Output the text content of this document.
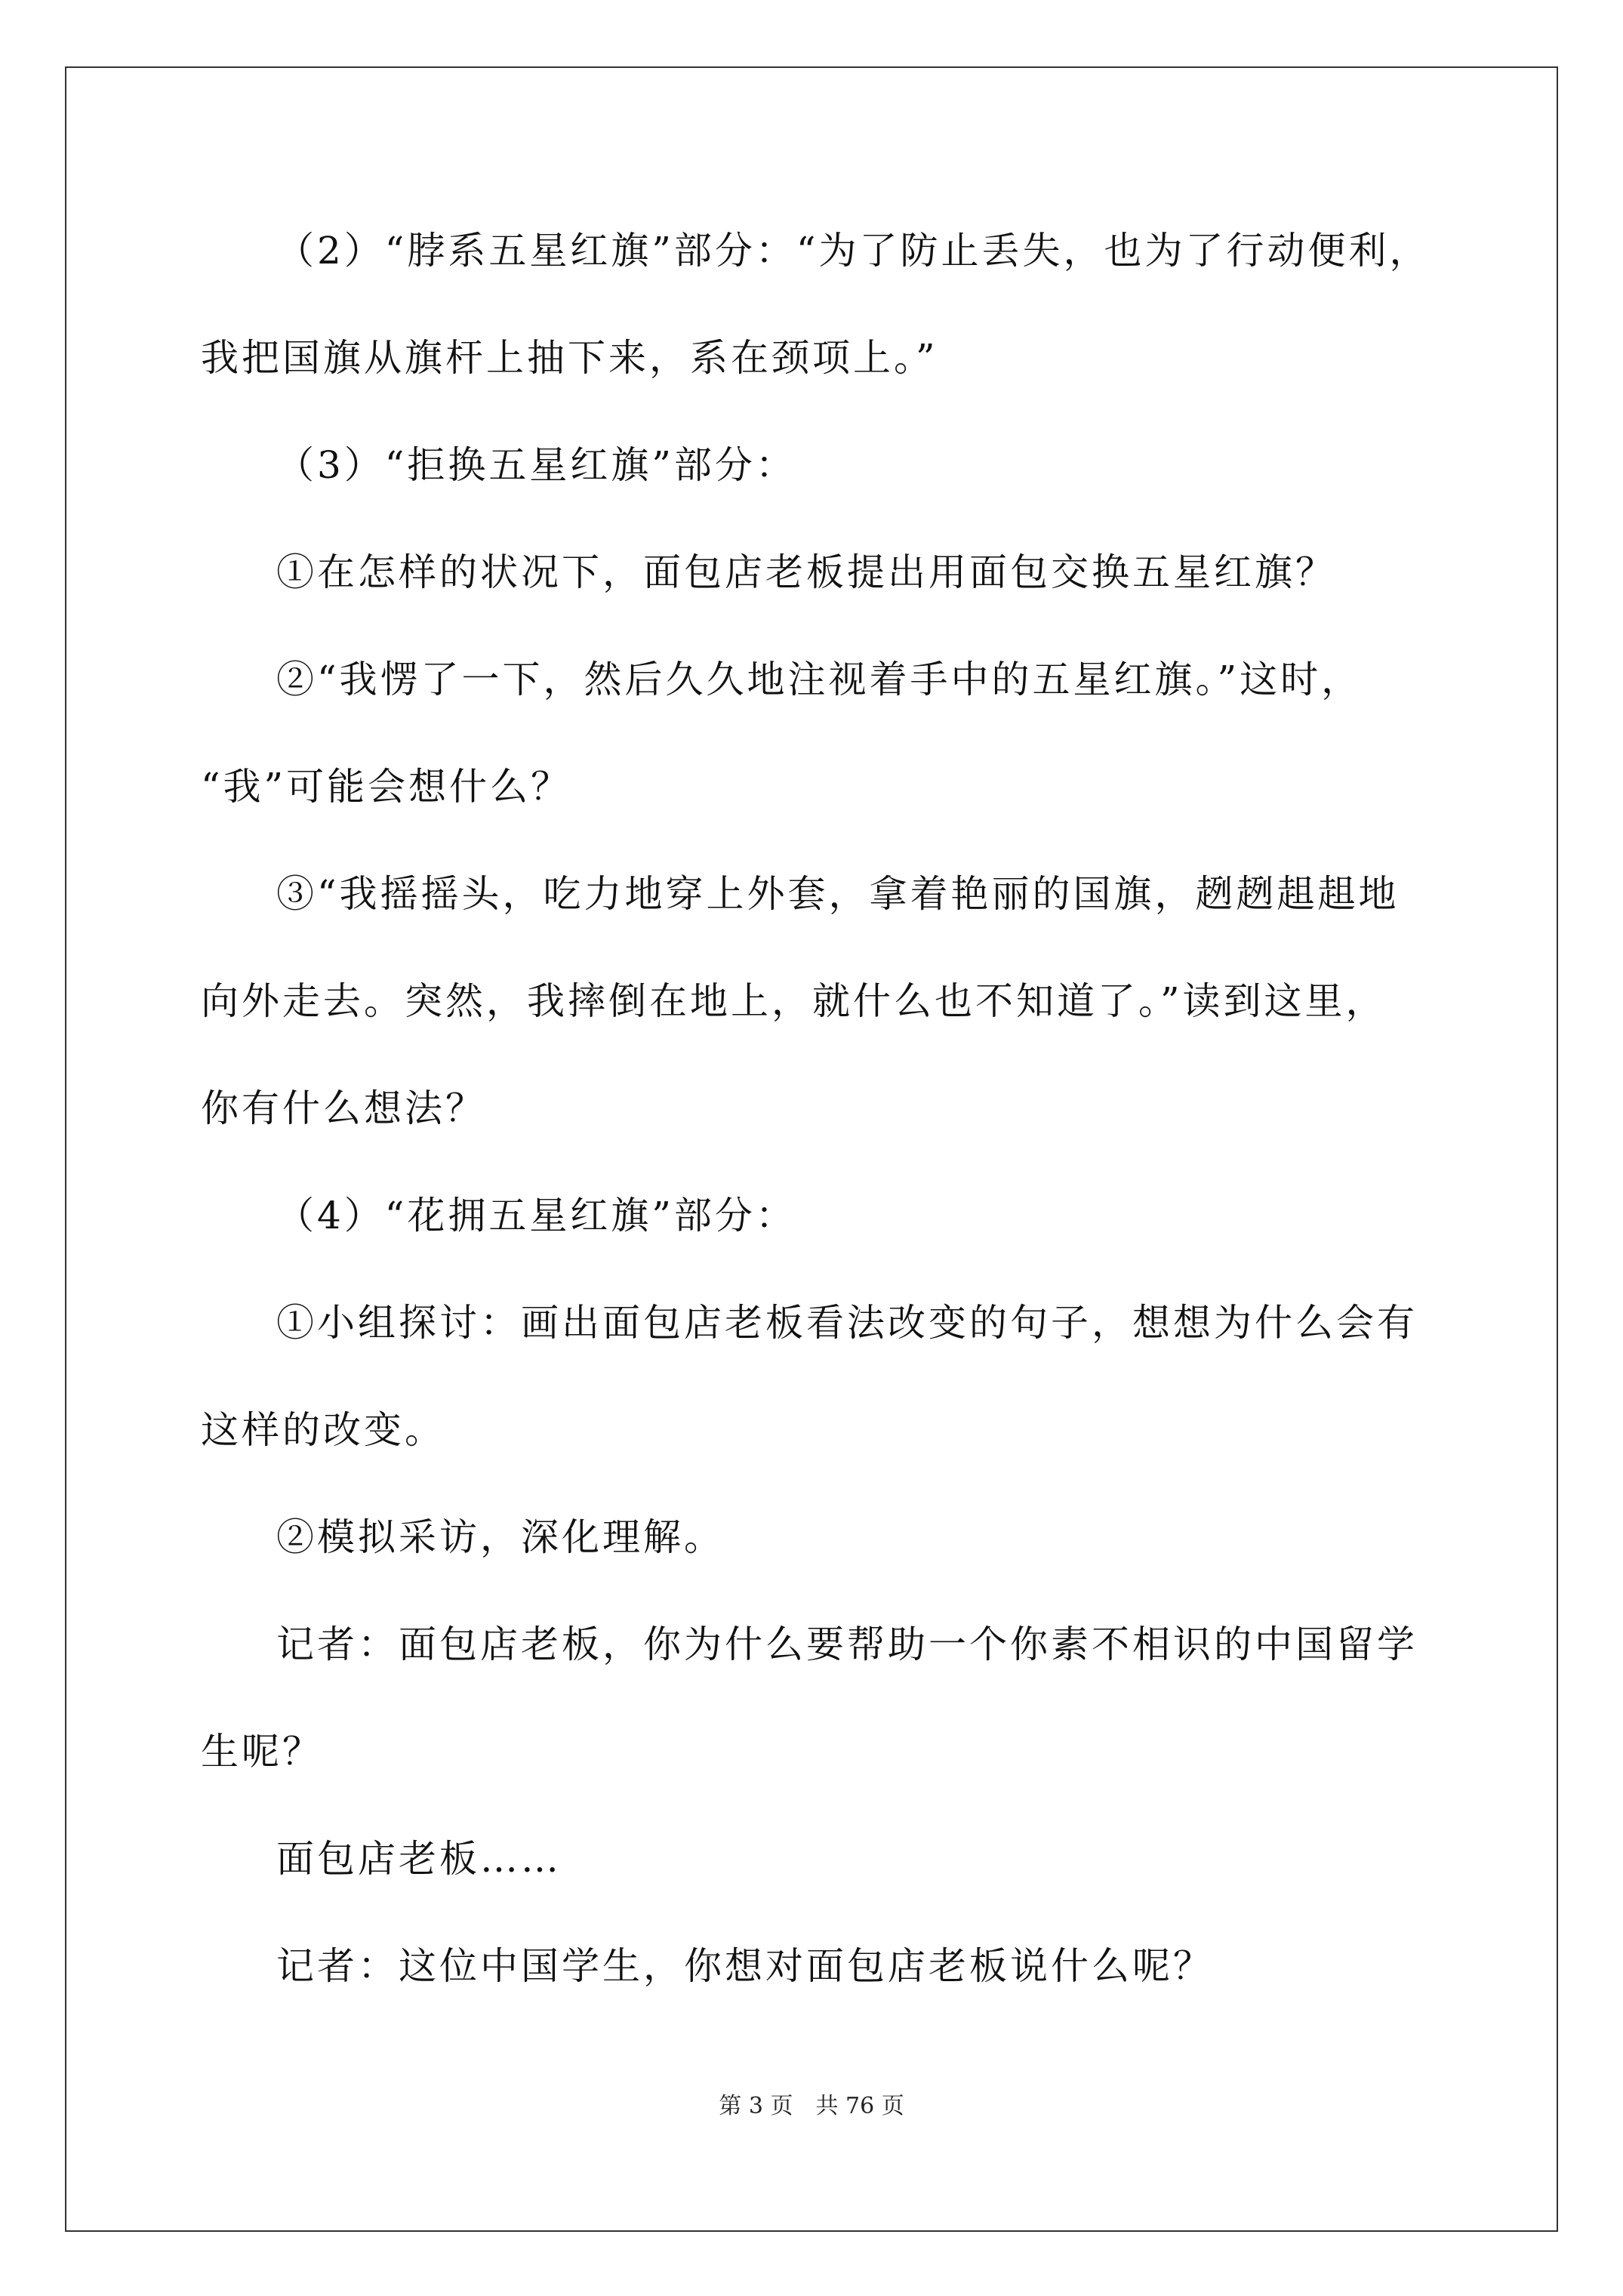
（2）“脖系五星红旗”部分：“为了防止丢失，也为了行动便利，
我把国旗从旗杆上抽下来，系在颈项上。”
（3）“拒换五星红旗”部分：
①在怎样的状况下，面包店老板提出用面包交换五星红旗？
②“我愣了一下，然后久久地注视着手中的五星红旗。”这时，
“我”可能会想什么？
③“我摇摇头，吃力地穿上外套，拿着艳丽的国旗，趔趔趄趄地
向外走去。突然，我摔倒在地上，就什么也不知道了。”读到这里，
你有什么想法？
（4）“花拥五星红旗”部分：
①小组探讨：画出面包店老板看法改变的句子，想想为什么会有
这样的改变。
②模拟采访，深化理解。
记者：面包店老板，你为什么要帮助一个你素不相识的中国留学
生呢？
面包店老板……
记者：这位中国学生，你想对面包店老板说什么呢？
第 3 页　共 76 页
